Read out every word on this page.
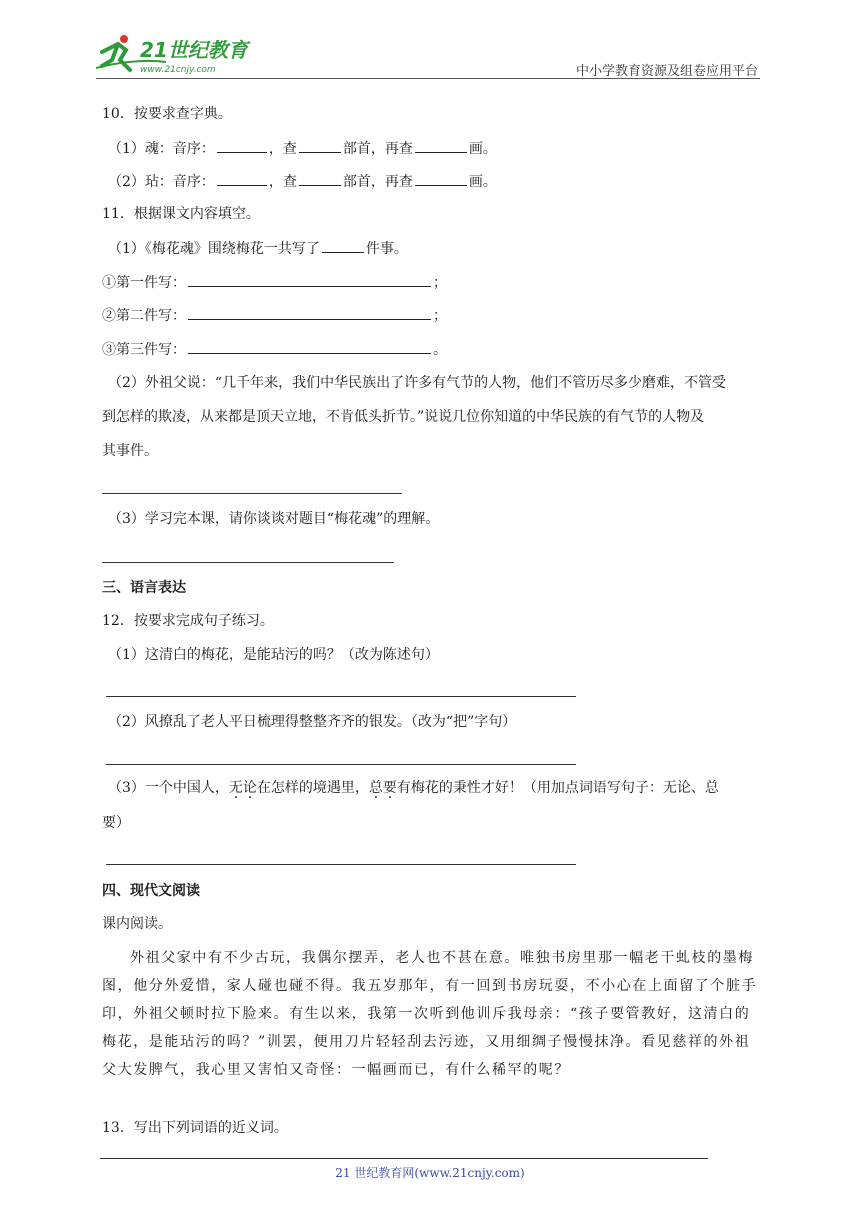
21世纪教育
www.21cnjy.com	中小学教育资源及组卷应用平台
10．按要求查字典。
（1）魂：音序：	，查	部首，再查	画。
（2）玷：音序：	，查	部首，再查	画。
11．根据课文内容填空。
（1）《梅花魂》围绕梅花一共写了	件事。
①第一件写：	；
②第二件写：	；
③第三件写：	。
（2）外祖父说：“几千年来，我们中华民族出了许多有气节的人物，他们不管历尽多少磨难，不管受
到怎样的欺凌，从来都是顶天立地，不肯低头折节。”说说几位你知道的中华民族的有气节的人物及
其事件。
（3）学习完本课，请你谈谈对题目“梅花魂”的理解。
三、语言表达
12．按要求完成句子练习。
（1）这清白的梅花，是能玷污的吗？（改为陈述句）
（2）风撩乱了老人平日梳理得整整齐齐的银发。（改为“把”字句）
（3）一个中国人，无论在怎样的境遇里，总要有梅花的秉性才好！（用加点词语写句子：无论、总
要）
四、现代文阅读
课内阅读。
外祖父家中有不少古玩，我偶尔摆弄，老人也不甚在意。唯独书房里那一幅老干虬枝的墨梅图，他分外爱惜，家人碰也碰不得。我五岁那年，有一回到书房玩耍，不小心在上面留了个脏手印，外祖父顿时拉下脸来。有生以来，我第一次听到他训斥我母亲：“孩子要管教好，这清白的梅花，是能玷污的吗？”训罢，便用刀片轻轻刮去污迹，又用细绸子慢慢抹净。看见慈祥的外祖父大发脾气，我心里又害怕又奇怪：一幅画而已，有什么稀罕的呢？
13．写出下列词语的近义词。
21 世纪教育网(www.21cnjy.com)
